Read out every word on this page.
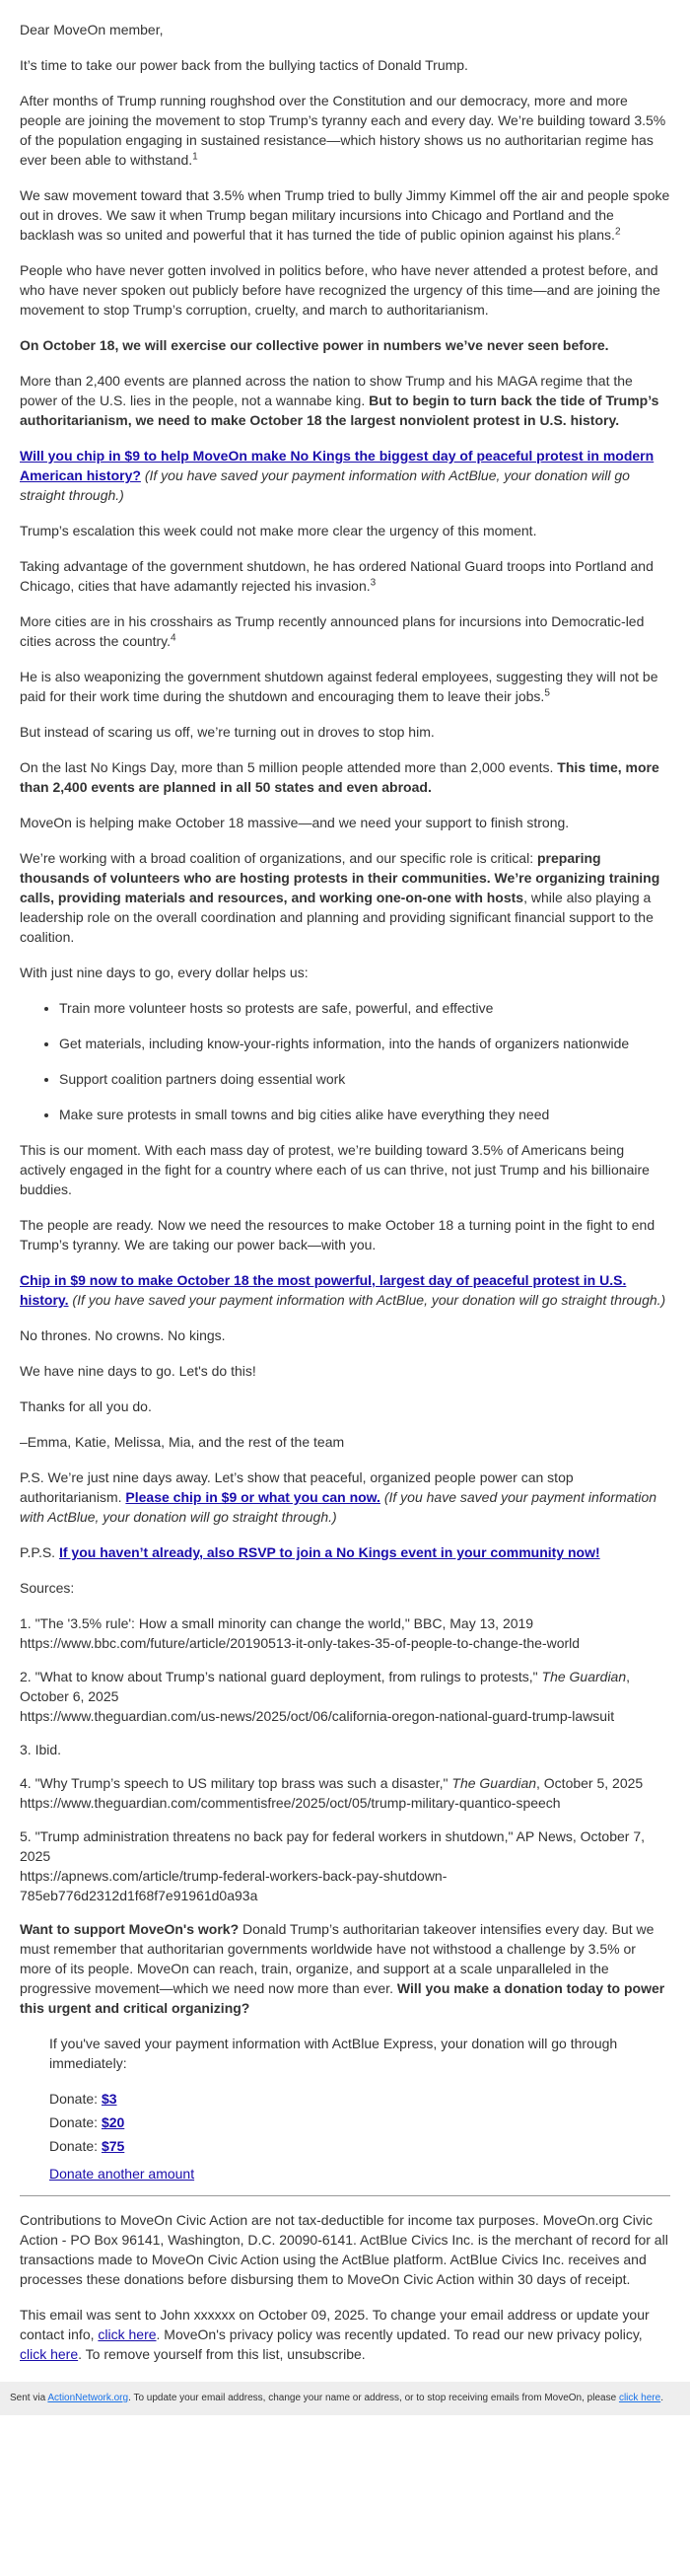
Dear MoveOn member,

It’s time to take our power back from the bullying tactics of Donald Trump.

After months of Trump running roughshod over the Constitution and our democracy, more and more people are joining the movement to stop Trump’s tyranny each and every day. We’re building toward 3.5% of the population engaging in sustained resistance—which history shows us no authoritarian regime has ever been able to withstand.$^1$

We saw movement toward that 3.5% when Trump tried to bully Jimmy Kimmel off the air and people spoke out in droves. We saw it when Trump began military incursions into Chicago and Portland and the backlash was so united and powerful that it has turned the tide of public opinion against his plans.$^2$

People who have never gotten involved in politics before, who have never attended a protest before, and who have never spoken out publicly before have recognized the urgency of this time—and are joining the movement to stop Trump’s corruption, cruelty, and march to authoritarianism.

On October 18, we will exercise our collective power in numbers we’ve never seen before.

More than 2,400 events are planned across the nation to show Trump and his MAGA regime that the power of the U.S. lies in the people, not a wannabe king. But to begin to turn back the tide of Trump’s authoritarianism, we need to make October 18 the largest nonviolent protest in U.S. history.

Will you chip in $9 to help MoveOn make No Kings the biggest day of peaceful protest in modern American history? (If you have saved your payment information with ActBlue, your donation will go straight through.)

Trump’s escalation this week could not make more clear the urgency of this moment.

Taking advantage of the government shutdown, he has ordered National Guard troops into Portland and Chicago, cities that have adamantly rejected his invasion.$^3$

More cities are in his crosshairs as Trump recently announced plans for incursions into Democratic-led cities across the country.$^4$

He is also weaponizing the government shutdown against federal employees, suggesting they will not be paid for their work time during the shutdown and encouraging them to leave their jobs.$^5$

But instead of scaring us off, we’re turning out in droves to stop him.

On the last No Kings Day, more than 5 million people attended more than 2,000 events. This time, more than 2,400 events are planned in all 50 states and even abroad.

MoveOn is helping make October 18 massive—and we need your support to finish strong.

We’re working with a broad coalition of organizations, and our specific role is critical: preparing thousands of volunteers who are hosting protests in their communities. We’re organizing training calls, providing materials and resources, and working one-on-one with hosts, while also playing a leadership role on the overall coordination and planning and providing significant financial support to the coalition.

With just nine days to go, every dollar helps us:

• Train more volunteer hosts so protests are safe, powerful, and effective
• Get materials, including know-your-rights information, into the hands of organizers nationwide
• Support coalition partners doing essential work
• Make sure protests in small towns and big cities alike have everything they need

This is our moment. With each mass day of protest, we’re building toward 3.5% of Americans being actively engaged in the fight for a country where each of us can thrive, not just Trump and his billionaire buddies.

The people are ready. Now we need the resources to make October 18 a turning point in the fight to end Trump’s tyranny. We are taking our power back—with you.

Chip in $9 now to make October 18 the most powerful, largest day of peaceful protest in U.S. history. (If you have saved your payment information with ActBlue, your donation will go straight through.)

No thrones. No crowns. No kings.

We have nine days to go. Let's do this!

Thanks for all you do.

–Emma, Katie, Melissa, Mia, and the rest of the team

P.S. We’re just nine days away. Let’s show that peaceful, organized people power can stop authoritarianism. Please chip in $9 or what you can now. (If you have saved your payment information with ActBlue, your donation will go straight through.)

P.P.S. If you haven’t already, also RSVP to join a No Kings event in your community now!

Sources:

1. "The '3.5% rule': How a small minority can change the world," BBC, May 13, 2019
https://www.bbc.com/future/article/20190513-it-only-takes-35-of-people-to-change-the-world
2. "What to know about Trump’s national guard deployment, from rulings to protests," The Guardian, October 6, 2025
https://www.theguardian.com/us-news/2025/oct/06/california-oregon-national-guard-trump-lawsuit
3. Ibid.
4. "Why Trump’s speech to US military top brass was such a disaster," The Guardian, October 5, 2025
https://www.theguardian.com/commentisfree/2025/oct/05/trump-military-quantico-speech
5. "Trump administration threatens no back pay for federal workers in shutdown," AP News, October 7, 2025
https://apnews.com/article/trump-federal-workers-back-pay-shutdown-785eb776d2312d1f68f7e91961d0a93a

Want to support MoveOn's work? Donald Trump’s authoritarian takeover intensifies every day. But we must remember that authoritarian governments worldwide have not withstood a challenge by 3.5% or more of its people. MoveOn can reach, train, organize, and support at a scale unparalleled in the progressive movement—which we need now more than ever. Will you make a donation today to power this urgent and critical organizing?

If you've saved your payment information with ActBlue Express, your donation will go through immediately:

Donate: $3

Donate: $20

Donate: $75

Donate another amount

Contributions to MoveOn Civic Action are not tax-deductible for income tax purposes. MoveOn.org Civic Action - PO Box 96141, Washington, D.C. 20090-6141. ActBlue Civics Inc. is the merchant of record for all transactions made to MoveOn Civic Action using the ActBlue platform. ActBlue Civics Inc. receives and processes these donations before disbursing them to MoveOn Civic Action within 30 days of receipt.

This email was sent to John xxxxxx on October 09, 2025. To change your email address or update your contact info, click here. MoveOn's privacy policy was recently updated. To read our new privacy policy, click here. To remove yourself from this list, unsubscribe.

Sent via ActionNetwork.org. To update your email address, change your name or address, or to stop receiving emails from MoveOn, please click here.
